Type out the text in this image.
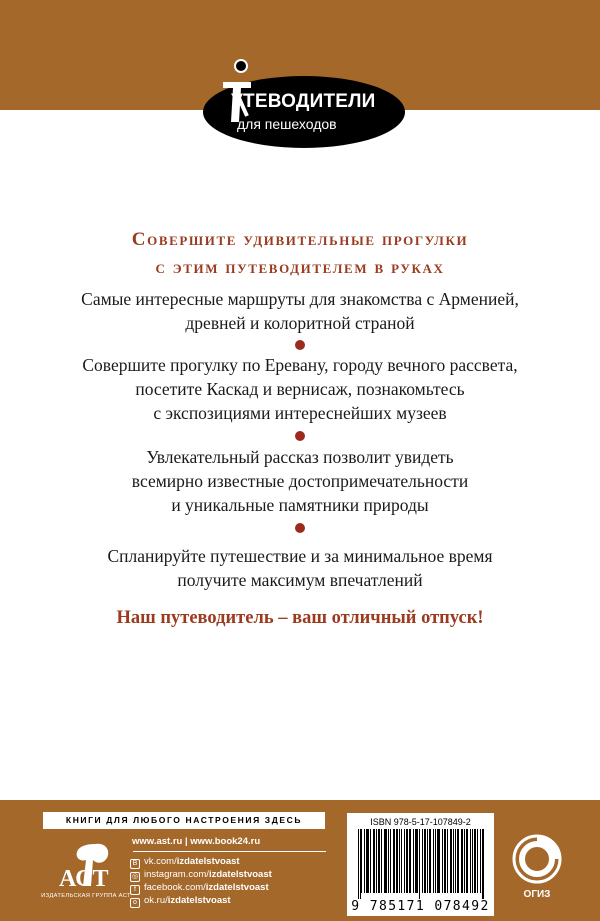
УТЕВОДИТЕЛИ
для пешеходов
Совершите удивительные прогулки
с этим путеводителем в руках
Самые интересные маршруты для знакомства с Арменией,
древней и колоритной страной
Совершите прогулку по Еревану, городу вечного рассвета,
посетите Каскад и вернисаж, познакомьтесь
с экспозициями интереснейших музеев
Увлекательный рассказ позволит увидеть
всемирно известные достопримечательности
и уникальные памятники природы
Спланируйте путешествие и за минимальное время
получите максимум впечатлений
Наш путеводитель – ваш отличный отпуск!
КНИГИ ДЛЯ ЛЮБОГО НАСТРОЕНИЯ ЗДЕСЬ
www.ast.ru | www.book24.ru
В vk.com/izdatelstvoast
◎ instagram.com/izdatelstvoast
f facebook.com/izdatelstvoast
о ok.ru/izdatelstvoast
АСТ
ИЗДАТЕЛЬСКАЯ ГРУППА АСТ
ISBN 978-5-17-107849-2
9 785171 078492
ОГИЗ
